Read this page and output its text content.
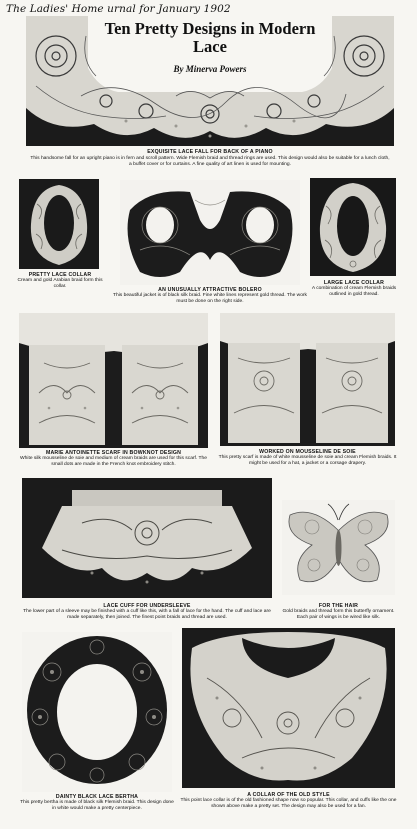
The Ladies' Home urnal for January 1902
Ten Pretty Designs in Modern Lace
By Minerva Powers
EXQUISITE LACE FALL FOR BACK OF A PIANO
This handsome fall for an upright piano is in fern and scroll pattern. Wide Flemish braid and thread rings are used. This design would also be suitable for a lunch cloth, a buffet cover or for curtains. A fine quality of art linen is used for mounting.
PRETTY LACE COLLAR
Cream and gold Arabian braid form this collar.
AN UNUSUALLY ATTRACTIVE BOLERO
This beautiful jacket is of black silk braid. Fine white lines represent gold thread. The work must be done on the right side.
LARGE LACE COLLAR
A combination of cream Flemish braids outlined in gold thread.
MARIE ANTOINETTE SCARF IN BOWKNOT DESIGN
White silk mousseline de soie and medium of cream braids are used for this scarf. The small dots are made in the French knot embroidery stitch.
WORKED ON MOUSSELINE DE SOIE
This pretty scarf is made of white mousseline de soie and cream Flemish braids. It might be used for a hat, a jacket or a corsage drapery.
LACE CUFF FOR UNDERSLEEVE
The lower part of a sleeve may be finished with a cuff like this, with a fall of lace for the hand. The cuff and lace are made separately, then joined. The finest point braids and thread are used.
FOR THE HAIR
Gold braids and thread form this butterfly ornament. Each pair of wings is be wired like silk.
DAINTY BLACK LACE BERTHA
This pretty bertha is made of black silk Flemish braid. This design done in white would make a pretty centerpiece.
A COLLAR OF THE OLD STYLE
This point lace collar is of the old fashioned shape now so popular. This collar, and cuffs like the one shown above make a pretty set. The design may also be used for a fan.
